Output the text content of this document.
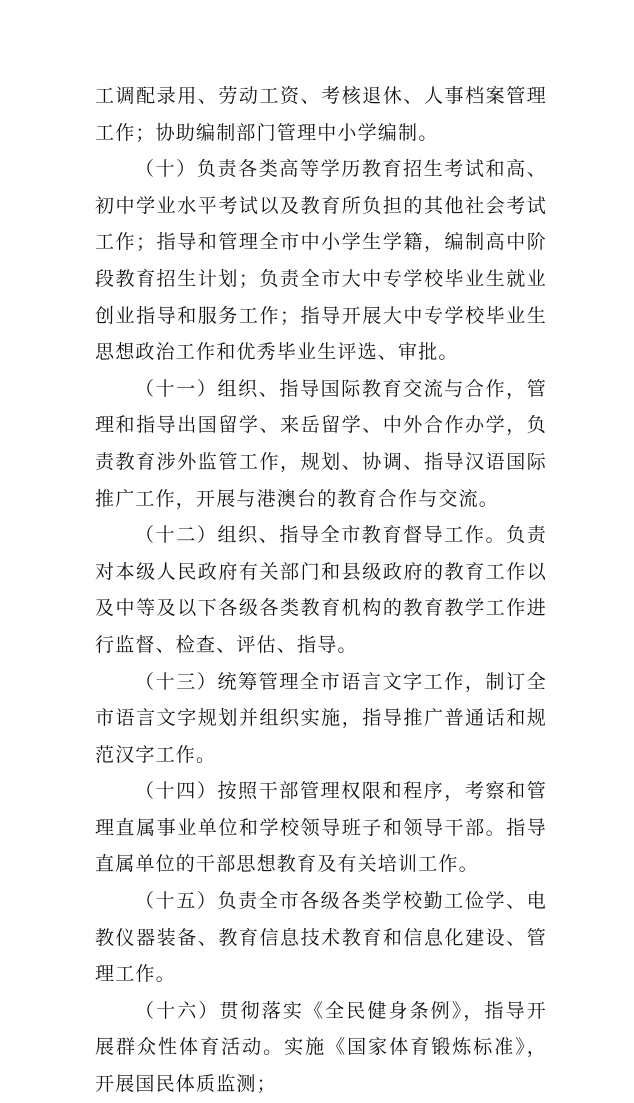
工调配录用、劳动工资、考核退休、人事档案管理工作；协助编制部门管理中小学编制。

（十）负责各类高等学历教育招生考试和高、初中学业水平考试以及教育所负担的其他社会考试工作；指导和管理全市中小学生学籍，编制高中阶段教育招生计划；负责全市大中专学校毕业生就业创业指导和服务工作；指导开展大中专学校毕业生思想政治工作和优秀毕业生评选、审批。

（十一）组织、指导国际教育交流与合作，管理和指导出国留学、来岳留学、中外合作办学，负责教育涉外监管工作，规划、协调、指导汉语国际推广工作，开展与港澳台的教育合作与交流。

（十二）组织、指导全市教育督导工作。负责对本级人民政府有关部门和县级政府的教育工作以及中等及以下各级各类教育机构的教育教学工作进行监督、检查、评估、指导。

（十三）统筹管理全市语言文字工作，制订全市语言文字规划并组织实施，指导推广普通话和规范汉字工作。

（十四）按照干部管理权限和程序，考察和管理直属事业单位和学校领导班子和领导干部。指导直属单位的干部思想教育及有关培训工作。

（十五）负责全市各级各类学校勤工俭学、电教仪器装备、教育信息技术教育和信息化建设、管理工作。

（十六）贯彻落实《全民健身条例》，指导开展群众性体育活动。实施《国家体育锻炼标准》，开展国民体质监测；
